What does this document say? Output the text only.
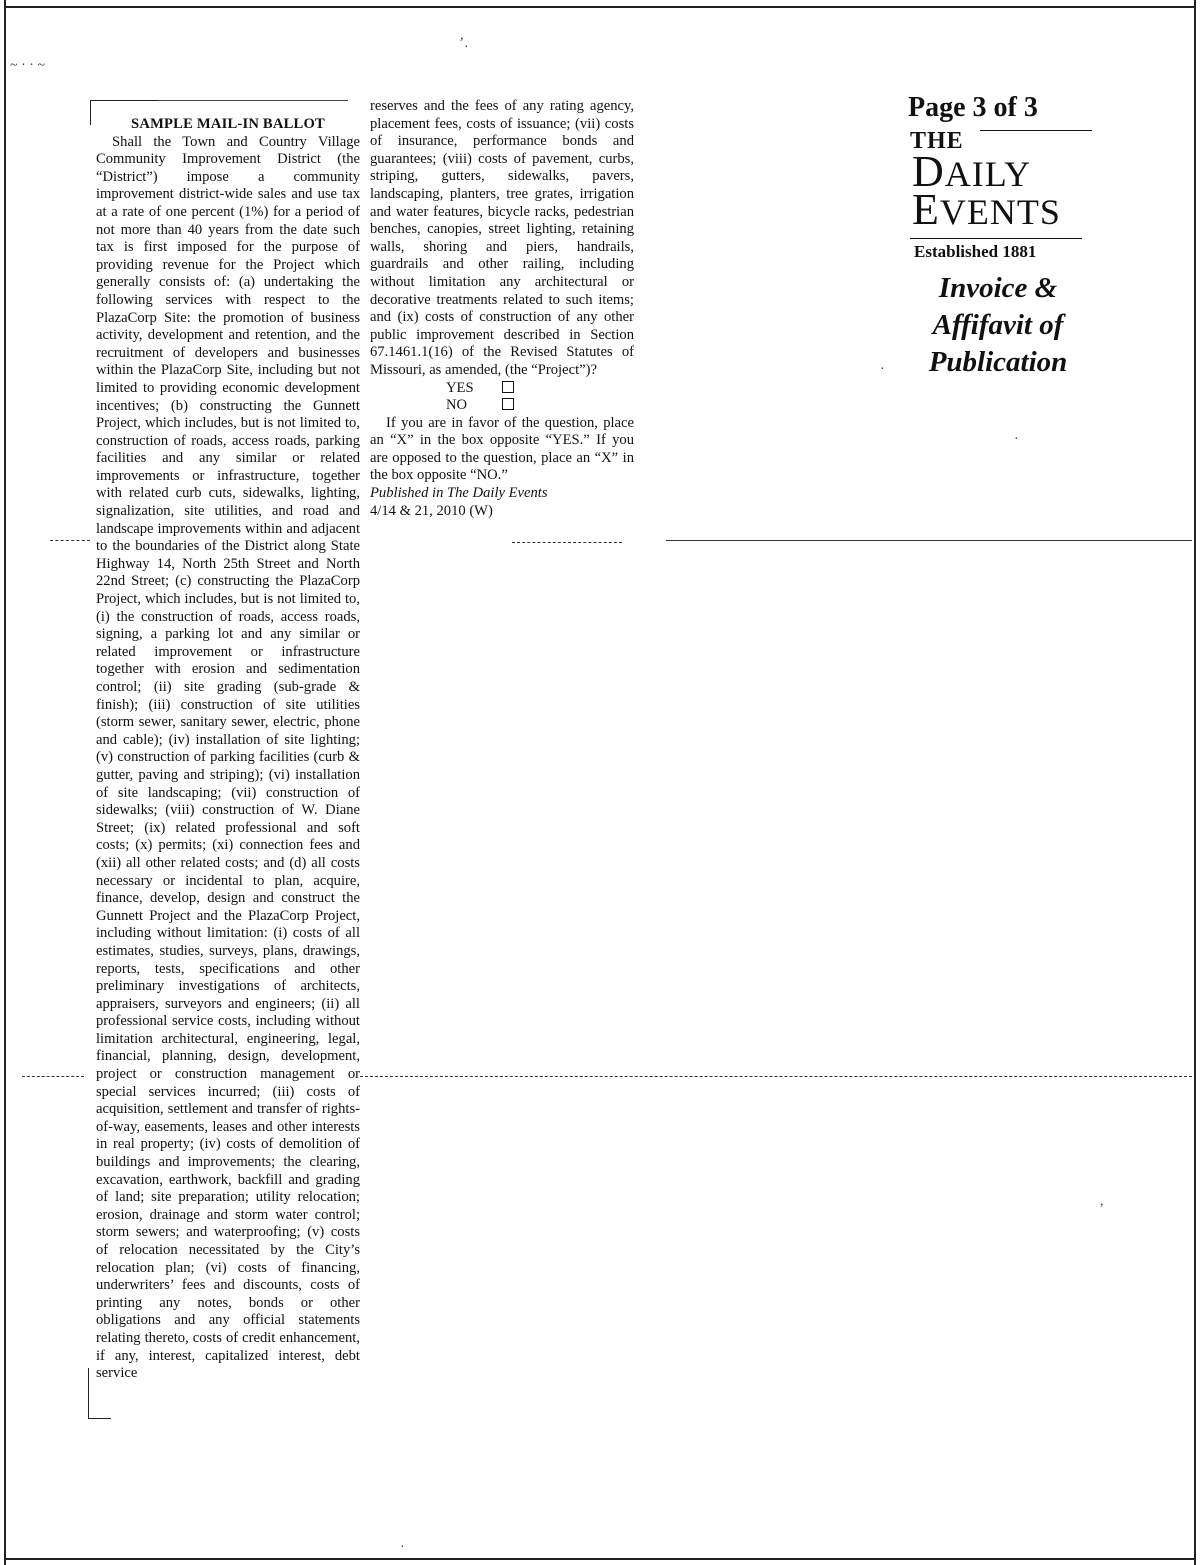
~ · · ~
,
·
·
·
,
·

SAMPLE MAIL-IN BALLOT

Shall the Town and Country Village Community Improvement District (the “District”) impose a community improvement district-wide sales and use tax at a rate of one percent (1%) for a period of not more than 40 years from the date such tax is first imposed for the purpose of providing revenue for the Project which generally consists of: (a) undertaking the following services with respect to the PlazaCorp Site: the promotion of business activity, development and retention, and the recruitment of developers and businesses within the PlazaCorp Site, including but not limited to providing economic development incentives; (b) constructing the Gunnett Project, which includes, but is not limited to, construction of roads, access roads, parking facilities and any similar or related improvements or infrastructure, together with related curb cuts, sidewalks, lighting, signalization, site utilities, and road and landscape improvements within and adjacent to the boundaries of the District along State Highway 14, North 25th Street and North 22nd Street; (c) constructing the PlazaCorp Project, which includes, but is not limited to, (i) the construction of roads, access roads, signing, a parking lot and any similar or related improvement or infrastructure together with erosion and sedimentation control; (ii) site grading (sub-grade & finish); (iii) construction of site utilities (storm sewer, sanitary sewer, electric, phone and cable); (iv) installation of site lighting; (v) construction of parking facilities (curb & gutter, paving and striping); (vi) installation of site landscaping; (vii) construction of sidewalks; (viii) construction of W. Diane Street; (ix) related professional and soft costs; (x) permits; (xi) connection fees and (xii) all other related costs; and (d) all costs necessary or incidental to plan, acquire, finance, develop, design and construct the Gunnett Project and the PlazaCorp Project, including without limitation: (i) costs of all estimates, studies, surveys, plans, drawings, reports, tests, specifications and other preliminary investigations of architects, appraisers, surveyors and engineers; (ii) all professional service costs, including without limitation architectural, engineering, legal, financial, planning, design, development, project or construction management or special services incurred; (iii) costs of acquisition, settlement and transfer of rights-of-way, easements, leases and other interests in real property; (iv) costs of demolition of buildings and improvements; the clearing, excavation, earthwork, backfill and grading of land; site preparation; utility relocation; erosion, drainage and storm water control; storm sewers; and waterproofing; (v) costs of relocation necessitated by the City’s relocation plan; (vi) costs of financing, underwriters’ fees and discounts, costs of printing any notes, bonds or other obligations and any official statements relating thereto, costs of credit enhancement, if any, interest, capitalized interest, debt service

reserves and the fees of any rating agency, placement fees, costs of issuance; (vii) costs of insurance, performance bonds and guarantees; (viii) costs of pavement, curbs, striping, gutters, sidewalks, pavers, landscaping, planters, tree grates, irrigation and water features, bicycle racks, pedestrian benches, canopies, street lighting, retaining walls, shoring and piers, handrails, guardrails and other railing, including without limitation any architectural or decorative treatments related to such items; and (ix) costs of construction of any other public improvement described in Section 67.1461.1(16) of the Revised Statutes of Missouri, as amended, (the “Project”)?

YES

NO

If you are in favor of the question, place an “X” in the box opposite “YES.” If you are opposed to the question, place an “X” in the box opposite “NO.”

Published in The Daily Events

4/14 & 21, 2010 (W)

Page 3 of 3

THE

DAILY

EVENTS

Established 1881

Invoice &
Affifavit of
Publication
